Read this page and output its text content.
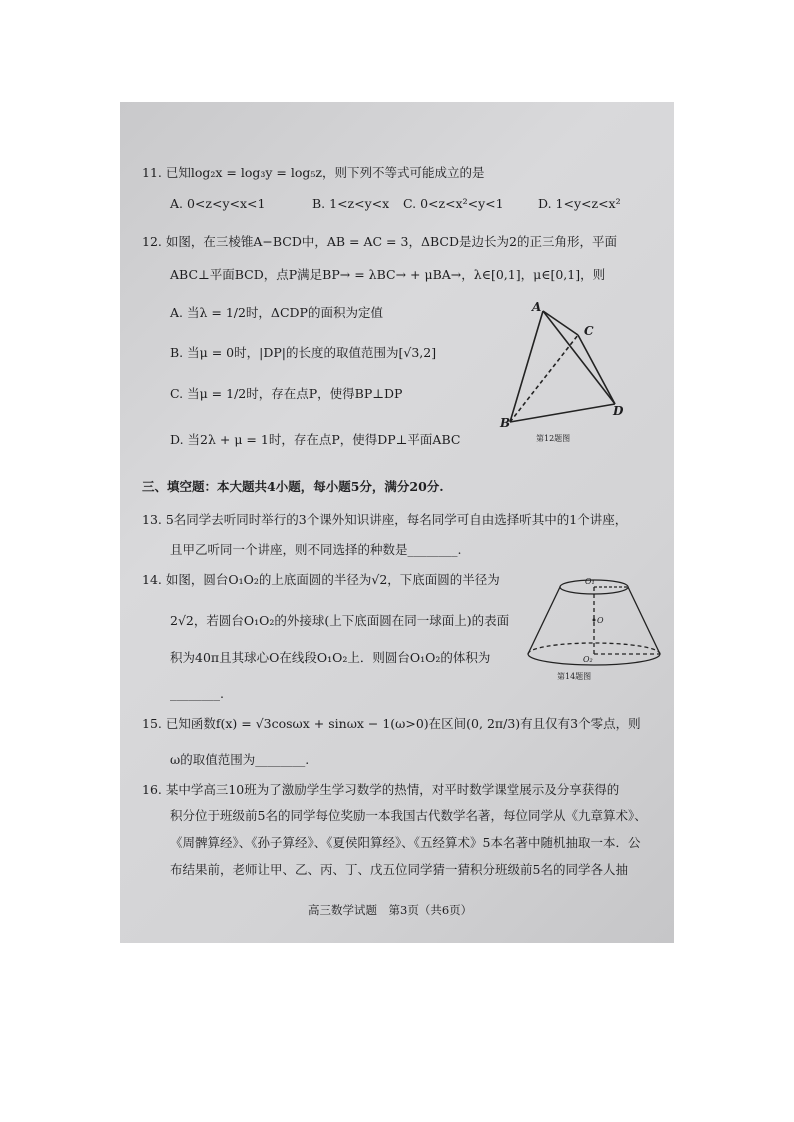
11. 已知log₂x = log₃y = log₅z，则下列不等式可能成立的是
A. 0<z<y<x<1	B. 1<z<y<x C. 0<z<x²<y<1	D. 1<y<z<x²
12. 如图，在三棱锥A−BCD中，AB = AC = 3，ΔBCD是边长为2的正三角形，平面
ABC⊥平面BCD，点P满足BP→ = λBC→ + μBA→，λ∈[0,1]，μ∈[0,1]，则
A. 当λ = 1/2时，ΔCDP的面积为定值
B. 当μ = 0时，|DP|的长度的取值范围为[√3,2]
C. 当μ = 1/2时，存在点P，使得BP⊥DP
D. 当2λ + μ = 1时，存在点P，使得DP⊥平面ABC
A
B
C
D
第12题图
三、填空题：本大题共4小题，每小题5分，满分20分.
13. 5名同学去听同时举行的3个课外知识讲座，每名同学可自由选择听其中的1个讲座，
且甲乙听同一个讲座，则不同选择的种数是________.
14. 如图，圆台O₁O₂的上底面圆的半径为√2，下底面圆的半径为
2√2，若圆台O₁O₂的外接球(上下底面圆在同一球面上)的表面
积为40π且其球心O在线段O₁O₂上．则圆台O₁O₂的体积为
________.
O₁
O
O₂
第14题图
15. 已知函数f(x) = √3cosωx + sinωx − 1(ω>0)在区间(0, 2π/3)有且仅有3个零点，则
ω的取值范围为________.
16. 某中学高三10班为了激励学生学习数学的热情，对平时数学课堂展示及分享获得的
积分位于班级前5名的同学每位奖励一本我国古代数学名著，每位同学从《九章算术》、
《周髀算经》、《孙子算经》、《夏侯阳算经》、《五经算术》5本名著中随机抽取一本．公
布结果前，老师让甲、乙、丙、丁、戊五位同学猜一猜积分班级前5名的同学各人抽
高三数学试题　第3页（共6页）
